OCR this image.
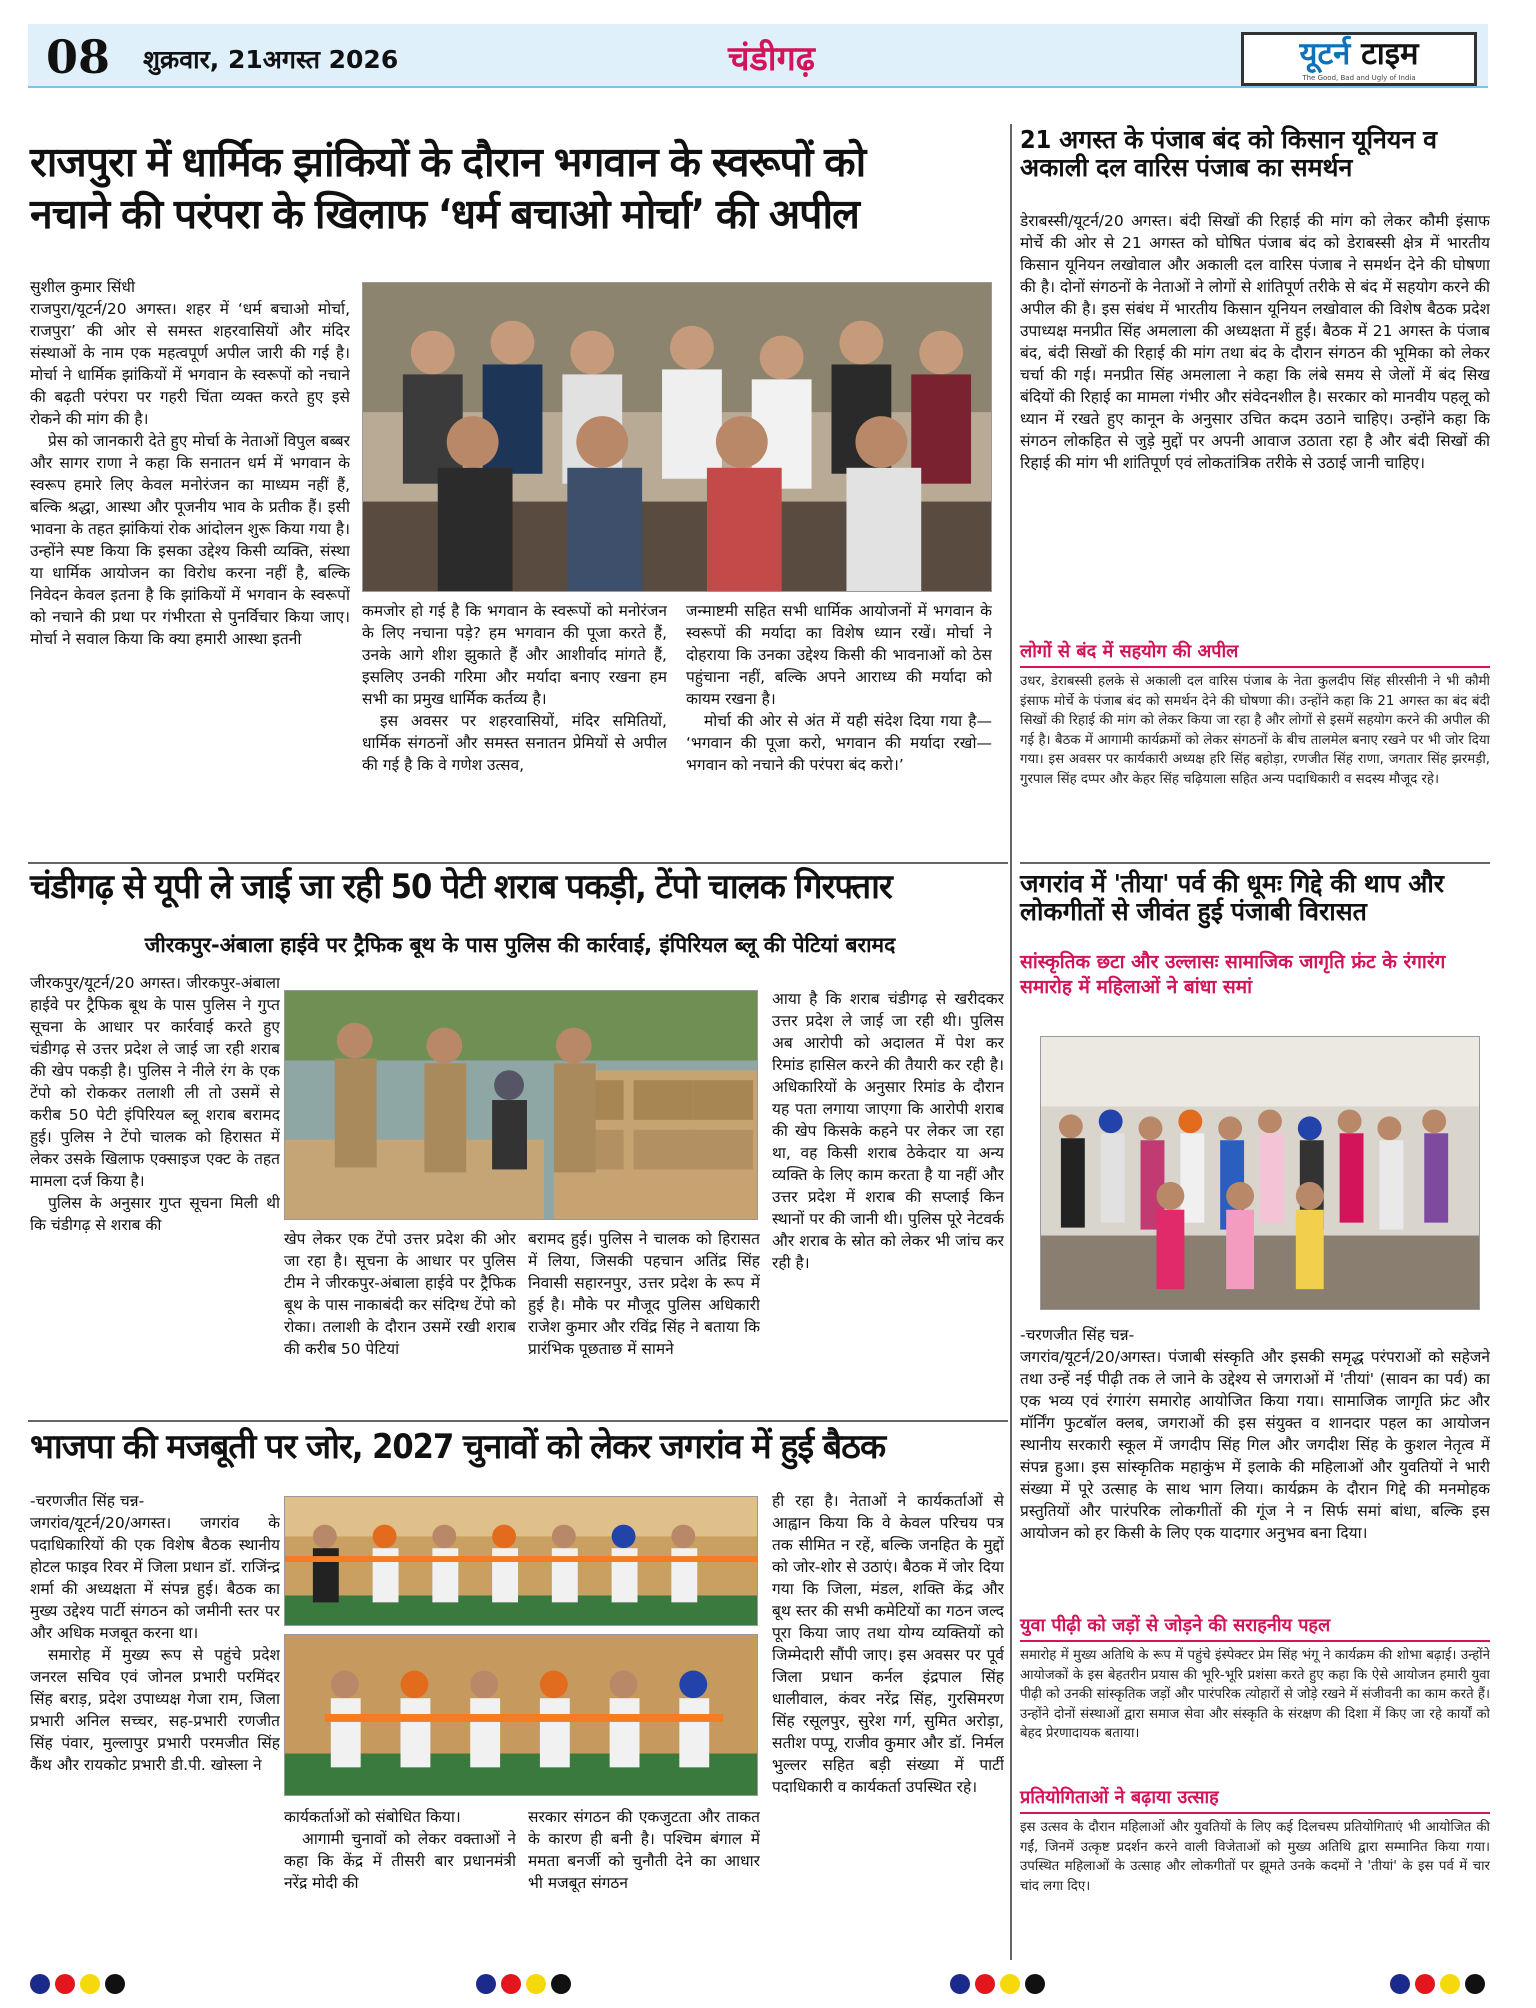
08 शुक्रवार, 21अगस्त 2026	चंडीगढ़	यूटर्न टाइम
The Good, Bad and Ugly of India
राजपुरा में धार्मिक झांकियों के दौरान भगवान के स्वरूपों को
नचाने की परंपरा के खिलाफ ‘धर्म बचाओ मोर्चा’ की अपील
सुशील कुमार सिंधी

राजपुरा/यूटर्न/20 अगस्त। शहर में ‘धर्म बचाओ मोर्चा, राजपुरा’ की ओर से समस्त शहरवासियों और मंदिर संस्थाओं के नाम एक महत्वपूर्ण अपील जारी की गई है। मोर्चा ने धार्मिक झांकियों में भगवान के स्वरूपों को नचाने की बढ़ती परंपरा पर गहरी चिंता व्यक्त करते हुए इसे रोकने की मांग की है।

प्रेस को जानकारी देते हुए मोर्चा के नेताओं विपुल बब्बर और सागर राणा ने कहा कि सनातन धर्म में भगवान के स्वरूप हमारे लिए केवल मनोरंजन का माध्यम नहीं हैं, बल्कि श्रद्धा, आस्था और पूजनीय भाव के प्रतीक हैं। इसी भावना के तहत झांकियां रोक आंदोलन शुरू किया गया है। उन्होंने स्पष्ट किया कि इसका उद्देश्य किसी व्यक्ति, संस्था या धार्मिक आयोजन का विरोध करना नहीं है, बल्कि निवेदन केवल इतना है कि झांकियों में भगवान के स्वरूपों को नचाने की प्रथा पर गंभीरता से पुनर्विचार किया जाए। मोर्चा ने सवाल किया कि क्या हमारी आस्था इतनी

कमजोर हो गई है कि भगवान के स्वरूपों को मनोरंजन के लिए नचाना पड़े? हम भगवान की पूजा करते हैं, उनके आगे शीश झुकाते हैं और आशीर्वाद मांगते हैं, इसलिए उनकी गरिमा और मर्यादा बनाए रखना हम सभी का प्रमुख धार्मिक कर्तव्य है।

इस अवसर पर शहरवासियों, मंदिर समितियों, धार्मिक संगठनों और समस्त सनातन प्रेमियों से अपील की गई है कि वे गणेश उत्सव,

जन्माष्टमी सहित सभी धार्मिक आयोजनों में भगवान के स्वरूपों की मर्यादा का विशेष ध्यान रखें। मोर्चा ने दोहराया कि उनका उद्देश्य किसी की भावनाओं को ठेस पहुंचाना नहीं, बल्कि अपने आराध्य की मर्यादा को कायम रखना है।

मोर्चा की ओर से अंत में यही संदेश दिया गया है— ‘भगवान की पूजा करो, भगवान की मर्यादा रखो—भगवान को नचाने की परंपरा बंद करो।’

चंडीगढ़ से यूपी ले जाई जा रही 50 पेटी शराब पकड़ी, टेंपो चालक गिरफ्तार
जीरकपुर-अंबाला हाईवे पर ट्रैफिक बूथ के पास पुलिस की कार्रवाई, इंपिरियल ब्लू की पेटियां बरामद

जीरकपुर/यूटर्न/20 अगस्त। जीरकपुर-अंबाला हाईवे पर ट्रैफिक बूथ के पास पुलिस ने गुप्त सूचना के आधार पर कार्रवाई करते हुए चंडीगढ़ से उत्तर प्रदेश ले जाई जा रही शराब की खेप पकड़ी है। पुलिस ने नीले रंग के एक टेंपो को रोककर तलाशी ली तो उसमें से करीब 50 पेटी इंपिरियल ब्लू शराब बरामद हुई। पुलिस ने टेंपो चालक को हिरासत में लेकर उसके खिलाफ एक्साइज एक्ट के तहत मामला दर्ज किया है।

पुलिस के अनुसार गुप्त सूचना मिली थी कि चंडीगढ़ से शराब की

खेप लेकर एक टेंपो उत्तर प्रदेश की ओर जा रहा है। सूचना के आधार पर पुलिस टीम ने जीरकपुर-अंबाला हाईवे पर ट्रैफिक बूथ के पास नाकाबंदी कर संदिग्ध टेंपो को रोका। तलाशी के दौरान उसमें रखी शराब की करीब 50 पेटियां

बरामद हुई। पुलिस ने चालक को हिरासत में लिया, जिसकी पहचान अतिंद्र सिंह निवासी सहारनपुर, उत्तर प्रदेश के रूप में हुई है। मौके पर मौजूद पुलिस अधिकारी राजेश कुमार और रविंद्र सिंह ने बताया कि प्रारंभिक पूछताछ में सामने

आया है कि शराब चंडीगढ़ से खरीदकर उत्तर प्रदेश ले जाई जा रही थी। पुलिस अब आरोपी को अदालत में पेश कर रिमांड हासिल करने की तैयारी कर रही है। अधिकारियों के अनुसार रिमांड के दौरान यह पता लगाया जाएगा कि आरोपी शराब की खेप किसके कहने पर लेकर जा रहा था, वह किसी शराब ठेकेदार या अन्य व्यक्ति के लिए काम करता है या नहीं और उत्तर प्रदेश में शराब की सप्लाई किन स्थानों पर की जानी थी। पुलिस पूरे नेटवर्क और शराब के स्रोत को लेकर भी जांच कर रही है।

भाजपा की मजबूती पर जोर, 2027 चुनावों को लेकर जगरांव में हुई बैठक
-चरणजीत सिंह चन्न-

जगरांव/यूटर्न/20/अगस्त। जगरांव के पदाधिकारियों की एक विशेष बैठक स्थानीय होटल फाइव रिवर में जिला प्रधान डॉ. राजिंन्द्र शर्मा की अध्यक्षता में संपन्न हुई। बैठक का मुख्य उद्देश्य पार्टी संगठन को जमीनी स्तर पर और अधिक मजबूत करना था।

समारोह में मुख्य रूप से पहुंचे प्रदेश जनरल सचिव एवं जोनल प्रभारी परमिंदर सिंह बराड़, प्रदेश उपाध्यक्ष गेजा राम, जिला प्रभारी अनिल सच्चर, सह-प्रभारी रणजीत सिंह पंवार, मुल्लापुर प्रभारी परमजीत सिंह कैंथ और रायकोट प्रभारी डी.पी. खोस्ला ने

कार्यकर्ताओं को संबोधित किया।

आगामी चुनावों को लेकर वक्ताओं ने कहा कि केंद्र में तीसरी बार प्रधानमंत्री नरेंद्र मोदी की

सरकार संगठन की एकजुटता और ताकत के कारण ही बनी है। पश्चिम बंगाल में ममता बनर्जी को चुनौती देने का आधार भी मजबूत संगठन

ही रहा है। नेताओं ने कार्यकर्ताओं से आह्वान किया कि वे केवल परिचय पत्र तक सीमित न रहें, बल्कि जनहित के मुद्दों को जोर-शोर से उठाएं। बैठक में जोर दिया गया कि जिला, मंडल, शक्ति केंद्र और बूथ स्तर की सभी कमेटियों का गठन जल्द पूरा किया जाए तथा योग्य व्यक्तियों को जिम्मेदारी सौंपी जाए। इस अवसर पर पूर्व जिला प्रधान कर्नल इंद्रपाल सिंह धालीवाल, कंवर नरेंद्र सिंह, गुरसिमरण सिंह रसूलपुर, सुरेश गर्ग, सुमित अरोड़ा, सतीश पप्पू, राजीव कुमार और डॉ. निर्मल भुल्लर सहित बड़ी संख्या में पार्टी पदाधिकारी व कार्यकर्ता उपस्थित रहे।

21 अगस्त के पंजाब बंद को किसान यूनियन व अकाली दल वारिस पंजाब का समर्थन

डेराबस्सी/यूटर्न/20 अगस्त। बंदी सिखों की रिहाई की मांग को लेकर कौमी इंसाफ मोर्चे की ओर से 21 अगस्त को घोषित पंजाब बंद को डेराबस्सी क्षेत्र में भारतीय किसान यूनियन लखोवाल और अकाली दल वारिस पंजाब ने समर्थन देने की घोषणा की है। दोनों संगठनों के नेताओं ने लोगों से शांतिपूर्ण तरीके से बंद में सहयोग करने की अपील की है। इस संबंध में भारतीय किसान यूनियन लखोवाल की विशेष बैठक प्रदेश उपाध्यक्ष मनप्रीत सिंह अमलाला की अध्यक्षता में हुई। बैठक में 21 अगस्त के पंजाब बंद, बंदी सिखों की रिहाई की मांग तथा बंद के दौरान संगठन की भूमिका को लेकर चर्चा की गई। मनप्रीत सिंह अमलाला ने कहा कि लंबे समय से जेलों में बंद सिख बंदियों की रिहाई का मामला गंभीर और संवेदनशील है। सरकार को मानवीय पहलू को ध्यान में रखते हुए कानून के अनुसार उचित कदम उठाने चाहिए। उन्होंने कहा कि संगठन लोकहित से जुड़े मुद्दों पर अपनी आवाज उठाता रहा है और बंदी सिखों की रिहाई की मांग भी शांतिपूर्ण एवं लोकतांत्रिक तरीके से उठाई जानी चाहिए।

लोगों से बंद में सहयोग की अपील

उधर, डेराबस्सी हलके से अकाली दल वारिस पंजाब के नेता कुलदीप सिंह सीरसीनी ने भी कौमी इंसाफ मोर्चे के पंजाब बंद को समर्थन देने की घोषणा की। उन्होंने कहा कि 21 अगस्त का बंद बंदी सिखों की रिहाई की मांग को लेकर किया जा रहा है और लोगों से इसमें सहयोग करने की अपील की गई है। बैठक में आगामी कार्यक्रमों को लेकर संगठनों के बीच तालमेल बनाए रखने पर भी जोर दिया गया। इस अवसर पर कार्यकारी अध्यक्ष हरि सिंह बहोड़ा, रणजीत सिंह राणा, जगतार सिंह झरमड़ी, गुरपाल सिंह दप्पर और केहर सिंह चढ़ियाला सहित अन्य पदाधिकारी व सदस्य मौजूद रहे।

जगरांव में 'तीया' पर्व की धूमः गिद्दे की थाप और
लोकगीतों से जीवंत हुई पंजाबी विरासत
सांस्कृतिक छटा और उल्लासः सामाजिक जागृति फ्रंट के रंगारंग समारोह में महिलाओं ने बांधा समां
-चरणजीत सिंह चन्न-

जगरांव/यूटर्न/20/अगस्त। पंजाबी संस्कृति और इसकी समृद्ध परंपराओं को सहेजने तथा उन्हें नई पीढ़ी तक ले जाने के उद्देश्य से जगराओं में 'तीयां' (सावन का पर्व) का एक भव्य एवं रंगारंग समारोह आयोजित किया गया। सामाजिक जागृति फ्रंट और मॉर्निंग फुटबॉल क्लब, जगराओं की इस संयुक्त व शानदार पहल का आयोजन स्थानीय सरकारी स्कूल में जगदीप सिंह गिल और जगदीश सिंह के कुशल नेतृत्व में संपन्न हुआ। इस सांस्कृतिक महाकुंभ में इलाके की महिलाओं और युवतियों ने भारी संख्या में पूरे उत्साह के साथ भाग लिया। कार्यक्रम के दौरान गिद्दे की मनमोहक प्रस्तुतियों और पारंपरिक लोकगीतों की गूंज ने न सिर्फ समां बांधा, बल्कि इस आयोजन को हर किसी के लिए एक यादगार अनुभव बना दिया।

युवा पीढ़ी को जड़ों से जोड़ने की सराहनीय पहल

समारोह में मुख्य अतिथि के रूप में पहुंचे इंस्पेक्टर प्रेम सिंह भंगू ने कार्यक्रम की शोभा बढ़ाई। उन्होंने आयोजकों के इस बेहतरीन प्रयास की भूरि-भूरि प्रशंसा करते हुए कहा कि ऐसे आयोजन हमारी युवा पीढ़ी को उनकी सांस्कृतिक जड़ों और पारंपरिक त्योहारों से जोड़े रखने में संजीवनी का काम करते हैं। उन्होंने दोनों संस्थाओं द्वारा समाज सेवा और संस्कृति के संरक्षण की दिशा में किए जा रहे कार्यों को बेहद प्रेरणादायक बताया।

प्रतियोगिताओं ने बढ़ाया उत्साह

इस उत्सव के दौरान महिलाओं और युवतियों के लिए कई दिलचस्प प्रतियोगिताएं भी आयोजित की गईं, जिनमें उत्कृष्ट प्रदर्शन करने वाली विजेताओं को मुख्य अतिथि द्वारा सम्मानित किया गया। उपस्थित महिलाओं के उत्साह और लोकगीतों पर झूमते उनके कदमों ने 'तीयां' के इस पर्व में चार चांद लगा दिए।
